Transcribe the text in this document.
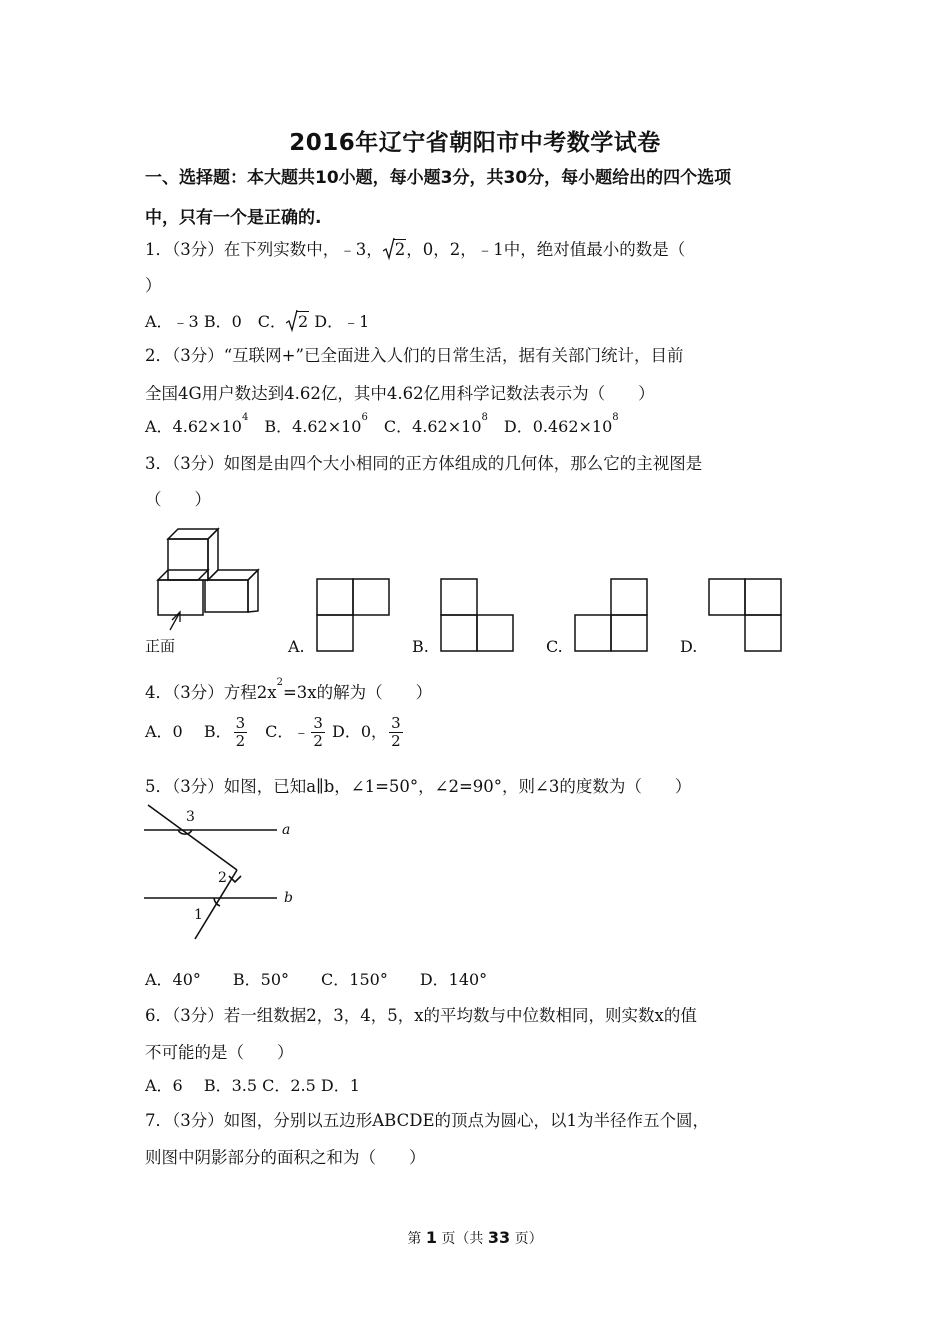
2016年辽宁省朝阳市中考数学试卷
一、选择题：本大题共10小题，每小题3分，共30分，每小题给出的四个选项
中，只有一个是正确的.
1．（3分）在下列实数中，﹣3， 2，0，2，﹣1中，绝对值最小的数是（
）
A．﹣3 B．0　C． 2 D．﹣1
2．（3分）“互联网+”已全面进入人们的日常生活，据有关部门统计，目前
全国4G用户数达到4.62亿，其中4.62亿用科学记数法表示为（　　）
A．$4.62\times 10^4$　B．$4.62\times 10^6$　C．$4.62\times 10^8$　D．$0.462\times 10^8$
3．（3分）如图是由四个大小相同的正方体组成的几何体，那么它的主视图是
（　　）
正面	A.	B.	C.	D.
4．（3分）方程$2x^2=3x$的解为（　　）
A．0　 B． $\frac{3}{2}$ 　C．﹣ $\frac{3}{2}$ D．0， $\frac{3}{2}$
5．（3分）如图，已知a∥b，∠1=50°，∠2=90°，则∠3的度数为（　　）
3
2
1
a
b
A．40°　　B．50°　　C．150°　　D．140°
6．（3分）若一组数据2，3，4，5，x的平均数与中位数相同，则实数x的值
不可能的是（　　）
A．6　 B．3.5 C．2.5 D．1
7．（3分）如图，分别以五边形ABCDE的顶点为圆心，以1为半径作五个圆，
则图中阴影部分的面积之和为（　　）
第 1 页（共 33 页）
